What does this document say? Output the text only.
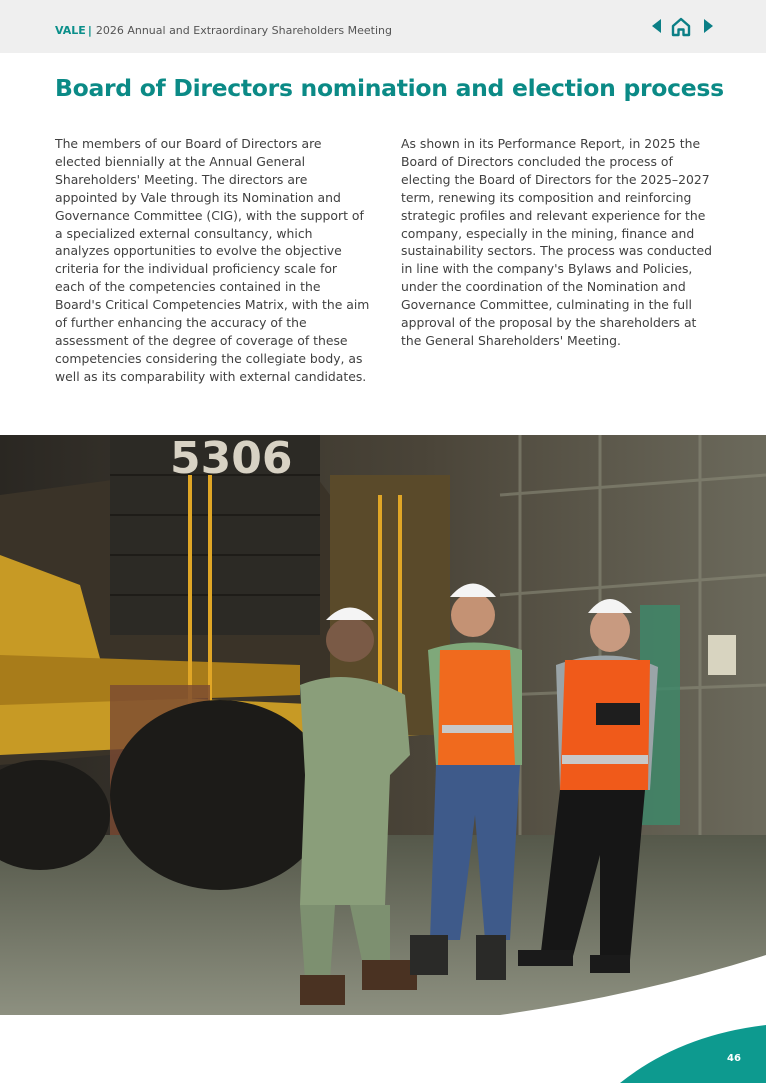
VALE | 2026 Annual and Extraordinary Shareholders Meeting
Board of Directors nomination and election process

The members of our Board of Directors are elected biennially at the Annual General Shareholders' Meeting. The directors are appointed by Vale through its Nomination and Governance Committee (CIG), with the support of a specialized external consultancy, which analyzes opportunities to evolve the objective criteria for the individual proficiency scale for each of the competencies contained in the Board's Critical Competencies Matrix, with the aim of further enhancing the accuracy of the assessment of the degree of coverage of these competencies considering the collegiate body, as well as its comparability with external candidates.

As shown in its Performance Report, in 2025 the Board of Directors concluded the process of electing the Board of Directors for the 2025–2027 term, renewing its composition and reinforcing strategic profiles and relevant experience for the company, especially in the mining, finance and sustainability sectors. The process was conducted in line with the company's Bylaws and Policies, under the coordination of the Nomination and Governance Committee, culminating in the full approval of the proposal by the shareholders at the General Shareholders' Meeting.

5306
46
